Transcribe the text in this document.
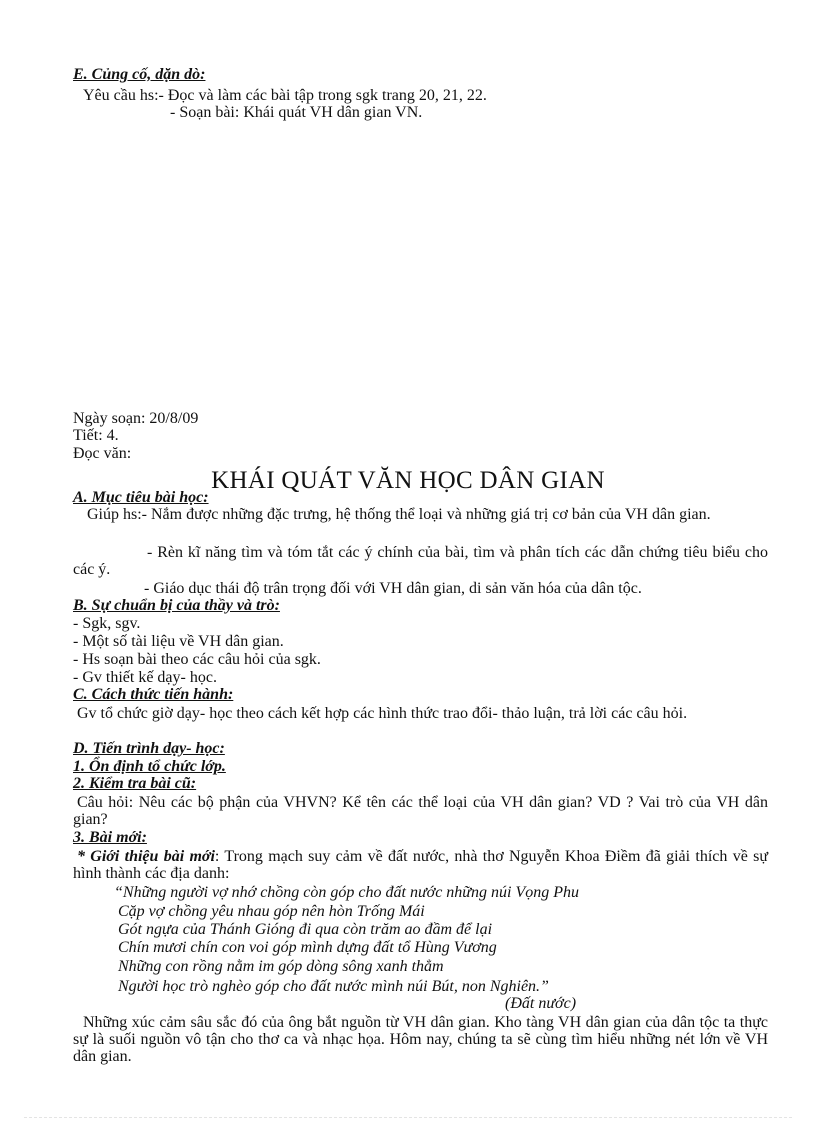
E. Củng cố, dặn dò:
Yêu cầu hs:- Đọc và làm các bài tập trong sgk trang 20, 21, 22.
- Soạn bài: Khái quát VH dân gian VN.
Ngày soạn: 20/8/09
Tiết: 4.
Đọc văn:
KHÁI QUÁT VĂN HỌC DÂN GIAN
A. Mục tiêu bài học:
Giúp hs:- Nắm được những đặc trưng, hệ thống thể loại và những giá trị cơ bản của VH dân gian.
- Rèn kĩ năng tìm và tóm tắt các ý chính của bài, tìm và phân tích các dẫn chứng tiêu biểu cho các ý.
- Giáo dục thái độ trân trọng đối với VH dân gian, di sản văn hóa của dân tộc.
B. Sự chuẩn bị của thầy và trò:
- Sgk, sgv.
- Một số tài liệu về VH dân gian.
- Hs soạn bài theo các câu hỏi của sgk.
- Gv thiết kế dạy- học.
C. Cách thức tiến hành:
Gv tổ chức giờ dạy- học theo cách kết hợp các hình thức trao đổi- thảo luận, trả lời các câu hỏi.
D. Tiến trình dạy- học:
1. Ổn định tổ chức lớp.
2. Kiểm tra bài cũ:
Câu hỏi: Nêu các bộ phận của VHVN? Kể tên các thể loại của VH dân gian? VD ? Vai trò của VH dân gian?
3. Bài mới:
* Giới thiệu bài mới: Trong mạch suy cảm về đất nước, nhà thơ Nguyễn Khoa Điềm đã giải thích về sự hình thành các địa danh:
“Những người vợ nhớ chồng còn góp cho đất nước những núi Vọng Phu
Cặp vợ chồng yêu nhau góp nên hòn Trống Mái
Gót ngựa của Thánh Gióng đi qua còn trăm ao đầm để lại
Chín mươi chín con voi góp mình dựng đất tổ Hùng Vương
Những con rồng nằm im góp dòng sông xanh thẳm
Người học trò nghèo góp cho đất nước mình núi Bút, non Nghiên.”
(Đất nước)
Những xúc cảm sâu sắc đó của ông bắt nguồn từ VH dân gian. Kho tàng VH dân gian của dân tộc ta thực sự là suối nguồn vô tận cho thơ ca và nhạc họa. Hôm nay, chúng ta sẽ cùng tìm hiểu những nét lớn về VH dân gian.
